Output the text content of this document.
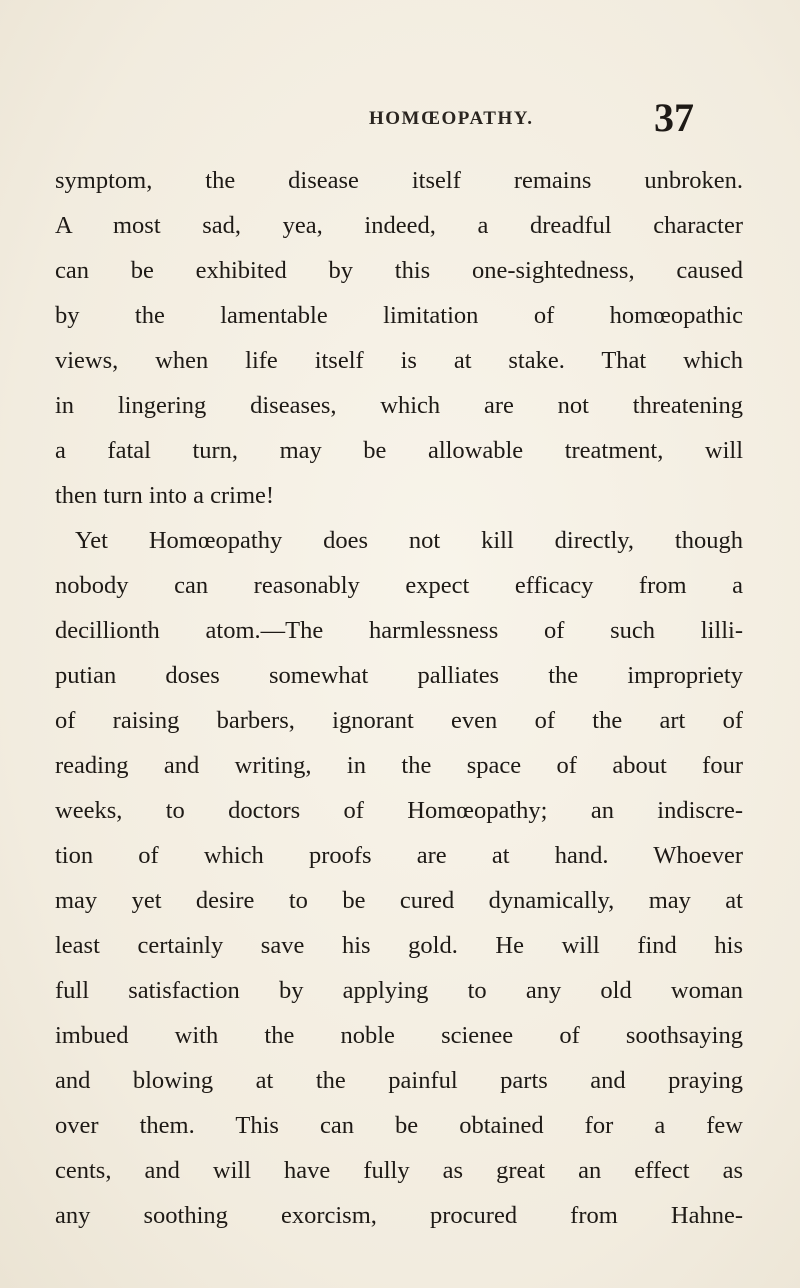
HOMŒOPATHY.	37
symptom, the disease itself remains unbroken.
A most sad, yea, indeed, a dreadful character
can be exhibited by this one-sightedness, caused
by the lamentable limitation of homœopathic
views, when life itself is at stake. That which
in lingering diseases, which are not threatening
a fatal turn, may be allowable treatment, will
then turn into a crime!
Yet Homœopathy does not kill directly, though
nobody can reasonably expect efficacy from a
decillionth atom.—The harmlessness of such lilli-
putian doses somewhat palliates the impropriety
of raising barbers, ignorant even of the art of
reading and writing, in the space of about four
weeks, to doctors of Homœopathy; an indiscre-
tion of which proofs are at hand. Whoever
may yet desire to be cured dynamically, may at
least certainly save his gold. He will find his
full satisfaction by applying to any old woman
imbued with the noble scienee of soothsaying
and blowing at the painful parts and praying
over them. This can be obtained for a few
cents, and will have fully as great an effect as
any soothing exorcism, procured from Hahne-
